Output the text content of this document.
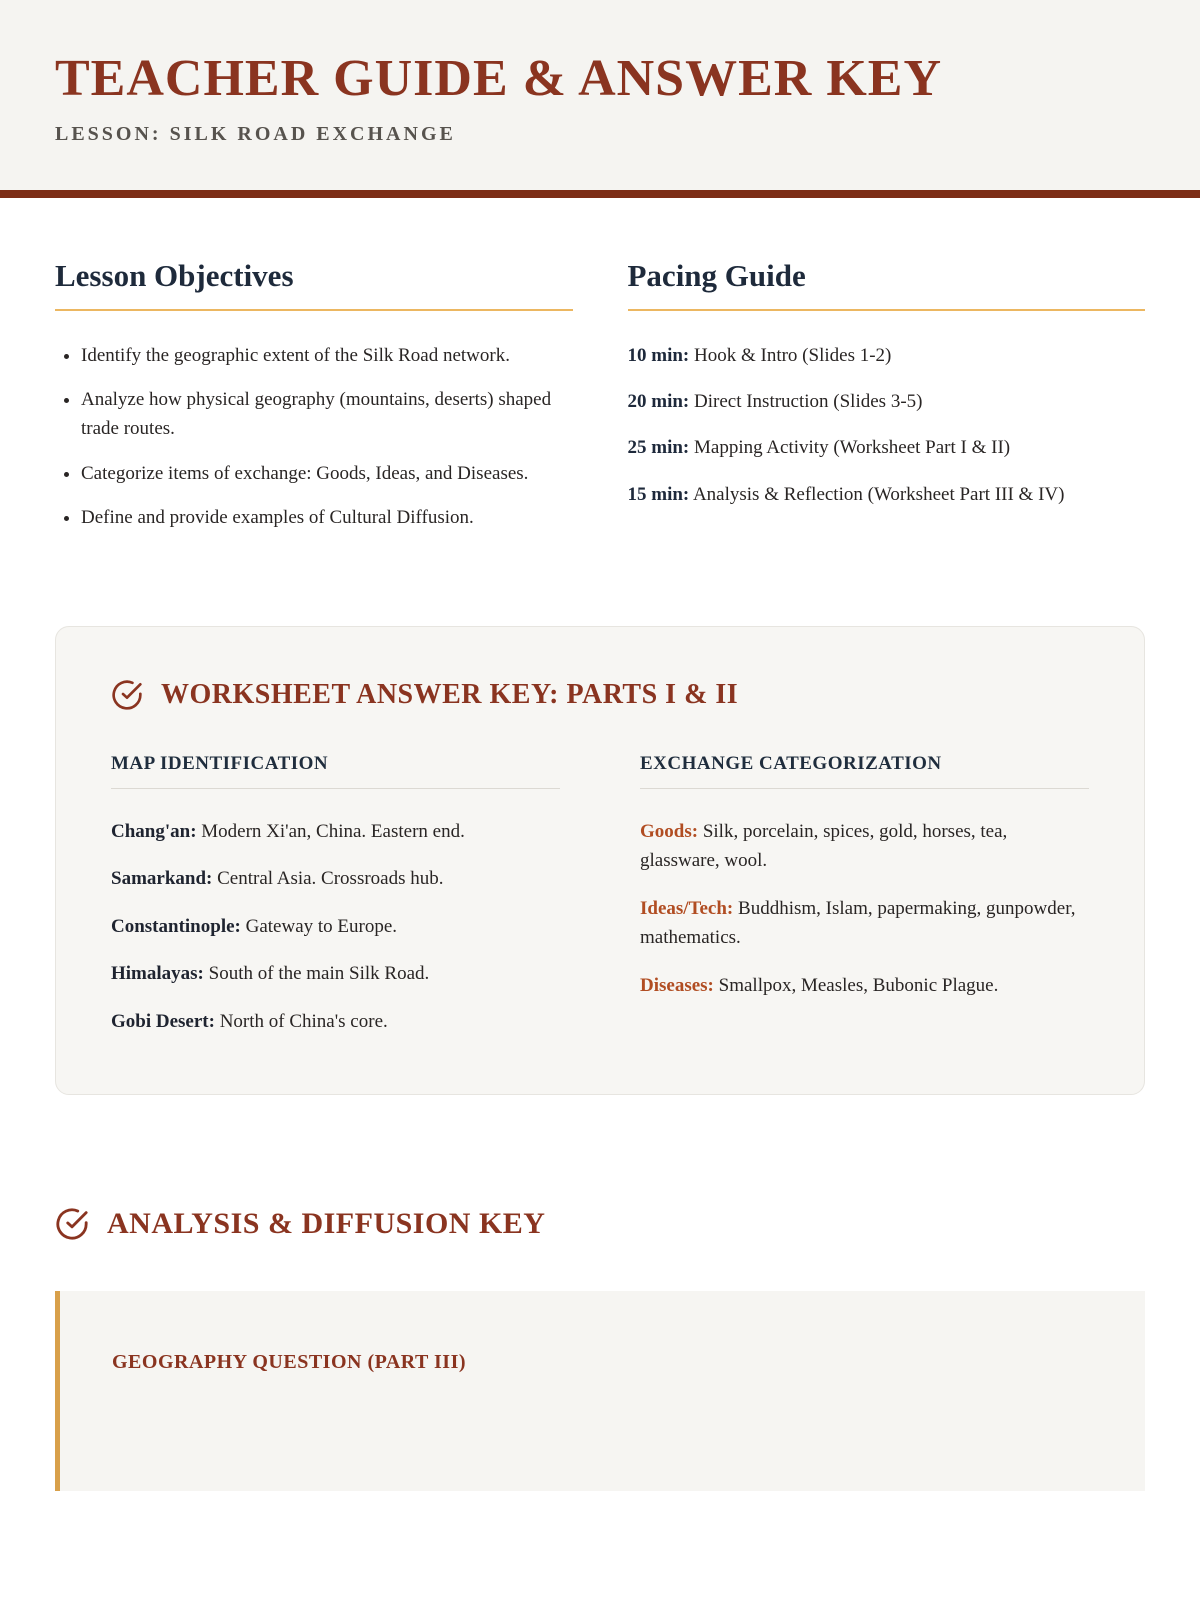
TEACHER GUIDE & ANSWER KEY
LESSON: SILK ROAD EXCHANGE
Lesson Objectives
• Identify the geographic extent of the Silk Road network.
• Analyze how physical geography (mountains, deserts) shaped trade routes.
• Categorize items of exchange: Goods, Ideas, and Diseases.
• Define and provide examples of Cultural Diffusion.
Pacing Guide

10 min: Hook & Intro (Slides 1-2)

20 min: Direct Instruction (Slides 3-5)

25 min: Mapping Activity (Worksheet Part I & II)

15 min: Analysis & Reflection (Worksheet Part III & IV)

WORKSHEET ANSWER KEY: PARTS I & II
MAP IDENTIFICATION

Chang'an: Modern Xi'an, China. Eastern end.

Samarkand: Central Asia. Crossroads hub.

Constantinople: Gateway to Europe.

Himalayas: South of the main Silk Road.

Gobi Desert: North of China's core.

EXCHANGE CATEGORIZATION

Goods: Silk, porcelain, spices, gold, horses, tea, glassware, wool.

Ideas/Tech: Buddhism, Islam, papermaking, gunpowder, mathematics.

Diseases: Smallpox, Measles, Bubonic Plague.

ANALYSIS & DIFFUSION KEY
GEOGRAPHY QUESTION (PART III)
